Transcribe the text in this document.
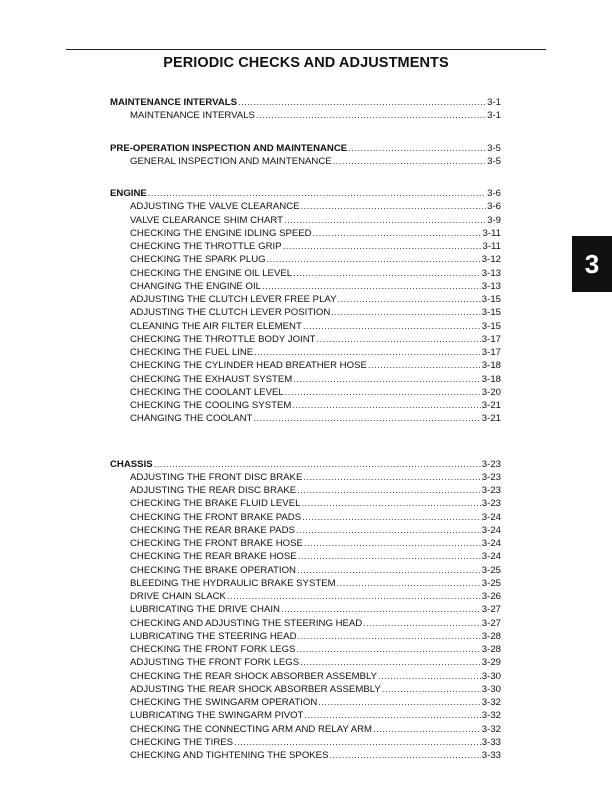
PERIODIC CHECKS AND ADJUSTMENTS
MAINTENANCE INTERVALS .....	3-1
MAINTENANCE INTERVALS .....	3-1
PRE-OPERATION INSPECTION AND MAINTENANCE .....	3-5
GENERAL INSPECTION AND MAINTENANCE .....	3-5
ENGINE .....	3-6
ADJUSTING THE VALVE CLEARANCE .....	3-6
VALVE CLEARANCE SHIM CHART .....	3-9
CHECKING THE ENGINE IDLING SPEED .....	3-11
CHECKING THE THROTTLE GRIP .....	3-11
CHECKING THE SPARK PLUG .....	3-12
CHECKING THE ENGINE OIL LEVEL .....	3-13
CHANGING THE ENGINE OIL .....	3-13
ADJUSTING THE CLUTCH LEVER FREE PLAY .....	3-15
ADJUSTING THE CLUTCH LEVER POSITION .....	3-15
CLEANING THE AIR FILTER ELEMENT .....	3-15
CHECKING THE THROTTLE BODY JOINT .....	3-17
CHECKING THE FUEL LINE .....	3-17
CHECKING THE CYLINDER HEAD BREATHER HOSE .....	3-18
CHECKING THE EXHAUST SYSTEM .....	3-18
CHECKING THE COOLANT LEVEL .....	3-20
CHECKING THE COOLING SYSTEM .....	3-21
CHANGING THE COOLANT .....	3-21
CHASSIS .....	3-23
ADJUSTING THE FRONT DISC BRAKE .....	3-23
ADJUSTING THE REAR DISC BRAKE .....	3-23
CHECKING THE BRAKE FLUID LEVEL .....	3-23
CHECKING THE FRONT BRAKE PADS .....	3-24
CHECKING THE REAR BRAKE PADS .....	3-24
CHECKING THE FRONT BRAKE HOSE .....	3-24
CHECKING THE REAR BRAKE HOSE .....	3-24
CHECKING THE BRAKE OPERATION .....	3-25
BLEEDING THE HYDRAULIC BRAKE SYSTEM .....	3-25
DRIVE CHAIN SLACK .....	3-26
LUBRICATING THE DRIVE CHAIN .....	3-27
CHECKING AND ADJUSTING THE STEERING HEAD .....	3-27
LUBRICATING THE STEERING HEAD .....	3-28
CHECKING THE FRONT FORK LEGS .....	3-28
ADJUSTING THE FRONT FORK LEGS .....	3-29
CHECKING THE REAR SHOCK ABSORBER ASSEMBLY .....	3-30
ADJUSTING THE REAR SHOCK ABSORBER ASSEMBLY .....	3-30
CHECKING THE SWINGARM OPERATION .....	3-32
LUBRICATING THE SWINGARM PIVOT .....	3-32
CHECKING THE CONNECTING ARM AND RELAY ARM .....	3-32
CHECKING THE TIRES .....	3-33
CHECKING AND TIGHTENING THE SPOKES .....	3-33
3
